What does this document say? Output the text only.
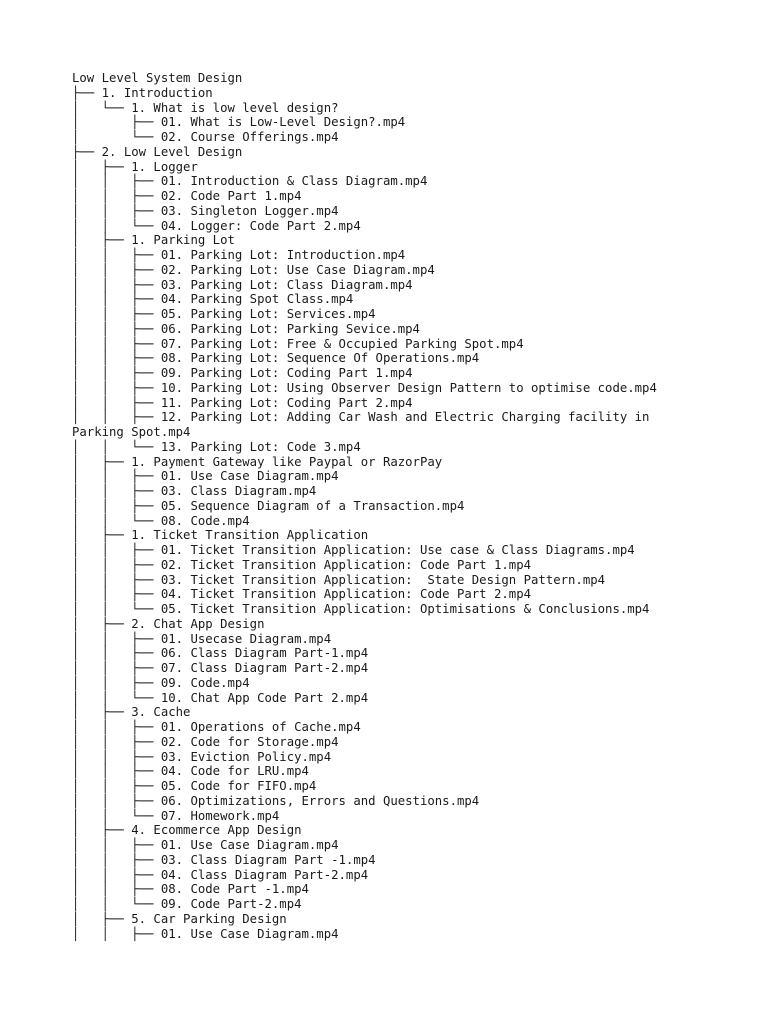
Low Level System Design
├── 1. Introduction
│   └── 1. What is low level design?
│       ├── 01. What is Low-Level Design?.mp4
│       └── 02. Course Offerings.mp4
├── 2. Low Level Design
│   ├── 1. Logger
│   │   ├── 01. Introduction & Class Diagram.mp4
│   │   ├── 02. Code Part 1.mp4
│   │   ├── 03. Singleton Logger.mp4
│   │   └── 04. Logger: Code Part 2.mp4
│   ├── 1. Parking Lot
│   │   ├── 01. Parking Lot: Introduction.mp4
│   │   ├── 02. Parking Lot: Use Case Diagram.mp4
│   │   ├── 03. Parking Lot: Class Diagram.mp4
│   │   ├── 04. Parking Spot Class.mp4
│   │   ├── 05. Parking Lot: Services.mp4
│   │   ├── 06. Parking Lot: Parking Sevice.mp4
│   │   ├── 07. Parking Lot: Free & Occupied Parking Spot.mp4
│   │   ├── 08. Parking Lot: Sequence Of Operations.mp4
│   │   ├── 09. Parking Lot: Coding Part 1.mp4
│   │   ├── 10. Parking Lot: Using Observer Design Pattern to optimise code.mp4
│   │   ├── 11. Parking Lot: Coding Part 2.mp4
│   │   ├── 12. Parking Lot: Adding Car Wash and Electric Charging facility in
Parking Spot.mp4
│   │   └── 13. Parking Lot: Code 3.mp4
│   ├── 1. Payment Gateway like Paypal or RazorPay
│   │   ├── 01. Use Case Diagram.mp4
│   │   ├── 03. Class Diagram.mp4
│   │   ├── 05. Sequence Diagram of a Transaction.mp4
│   │   └── 08. Code.mp4
│   ├── 1. Ticket Transition Application
│   │   ├── 01. Ticket Transition Application: Use case & Class Diagrams.mp4
│   │   ├── 02. Ticket Transition Application: Code Part 1.mp4
│   │   ├── 03. Ticket Transition Application:  State Design Pattern.mp4
│   │   ├── 04. Ticket Transition Application: Code Part 2.mp4
│   │   └── 05. Ticket Transition Application: Optimisations & Conclusions.mp4
│   ├── 2. Chat App Design
│   │   ├── 01. Usecase Diagram.mp4
│   │   ├── 06. Class Diagram Part-1.mp4
│   │   ├── 07. Class Diagram Part-2.mp4
│   │   ├── 09. Code.mp4
│   │   └── 10. Chat App Code Part 2.mp4
│   ├── 3. Cache
│   │   ├── 01. Operations of Cache.mp4
│   │   ├── 02. Code for Storage.mp4
│   │   ├── 03. Eviction Policy.mp4
│   │   ├── 04. Code for LRU.mp4
│   │   ├── 05. Code for FIFO.mp4
│   │   ├── 06. Optimizations, Errors and Questions.mp4
│   │   └── 07. Homework.mp4
│   ├── 4. Ecommerce App Design
│   │   ├── 01. Use Case Diagram.mp4
│   │   ├── 03. Class Diagram Part -1.mp4
│   │   ├── 04. Class Diagram Part-2.mp4
│   │   ├── 08. Code Part -1.mp4
│   │   └── 09. Code Part-2.mp4
│   ├── 5. Car Parking Design
│   │   ├── 01. Use Case Diagram.mp4
